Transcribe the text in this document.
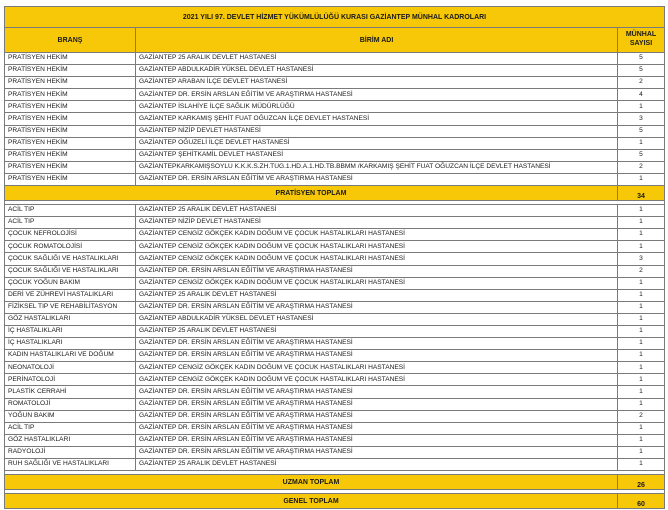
2021 YILI 97. DEVLET HİZMET YÜKÜMLÜLÜĞÜ KURASI GAZİANTEP MÜNHAL KADROLARI		
BRANŞ	BİRİM ADI	MÜNHAL SAYISI
PRATİSYEN HEKİM	GAZİANTEP 25 ARALIK DEVLET HASTANESİ	5
PRATİSYEN HEKİM	GAZİANTEP ABDULKADİR YÜKSEL DEVLET HASTANESİ	5
PRATİSYEN HEKİM	GAZİANTEP ARABAN İLÇE DEVLET HASTANESİ	2
PRATİSYEN HEKİM	GAZİANTEP DR. ERSİN ARSLAN EĞİTİM VE ARAŞTIRMA HASTANESİ	4
PRATİSYEN HEKİM	GAZİANTEP İSLAHİYE İLÇE SAĞLIK MÜDÜRLÜĞÜ	1
PRATİSYEN HEKİM	GAZİANTEP KARKAMIŞ ŞEHİT FUAT OĞUZCAN İLÇE DEVLET HASTANESİ	3
PRATİSYEN HEKİM	GAZİANTEP NİZİP DEVLET HASTANESİ	5
PRATİSYEN HEKİM	GAZİANTEP OĞUZELİ İLÇE DEVLET HASTANESİ	1
PRATİSYEN HEKİM	GAZİANTEP ŞEHİTKAMİL DEVLET HASTANESİ	5
PRATİSYEN HEKİM	GAZİANTEPKARKAMIŞSOYLU K.K.K.S.ZH.TUG.1.HD.A.1.HD.TB.BBMM /KARKAMIŞ ŞEHİT FUAT OĞUZCAN İLÇE DEVLET HASTANESİ	2
PRATİSYEN HEKİM	GAZİANTEP DR. ERSİN ARSLAN EĞİTİM VE ARAŞTIRMA HASTANESİ	1
PRATİSYEN TOPLAM		34

ACİL TIP	GAZİANTEP 25 ARALIK DEVLET HASTANESİ	1
ACİL TIP	GAZİANTEP NİZİP DEVLET HASTANESİ	1
ÇOCUK NEFROLOJİSİ	GAZİANTEP CENGİZ GÖKÇEK KADIN DOĞUM VE ÇOCUK HASTALIKLARI HASTANESİ	1
ÇOCUK ROMATOLOJİSİ	GAZİANTEP CENGİZ GÖKÇEK KADIN DOĞUM VE ÇOCUK HASTALIKLARI HASTANESİ	1
ÇOCUK SAĞLIĞI VE HASTALIKLARI	GAZİANTEP CENGİZ GÖKÇEK KADIN DOĞUM VE ÇOCUK HASTALIKLARI HASTANESİ	3
ÇOCUK SAĞLIĞI VE HASTALIKLARI	GAZİANTEP DR. ERSİN ARSLAN EĞİTİM VE ARAŞTIRMA HASTANESİ	2
ÇOCUK YOĞUN BAKIM	GAZİANTEP CENGİZ GÖKÇEK KADIN DOĞUM VE ÇOCUK HASTALIKLARI HASTANESİ	1
DERİ VE ZÜHREVİ HASTALIKLARI	GAZİANTEP 25 ARALIK DEVLET HASTANESİ	1
FİZİKSEL TIP VE REHABİLİTASYON	GAZİANTEP DR. ERSİN ARSLAN EĞİTİM VE ARAŞTIRMA HASTANESİ	1
GÖZ HASTALIKLARI	GAZİANTEP ABDULKADİR YÜKSEL DEVLET HASTANESİ	1
İÇ HASTALIKLARI	GAZİANTEP 25 ARALIK DEVLET HASTANESİ	1
İÇ HASTALIKLARI	GAZİANTEP DR. ERSİN ARSLAN EĞİTİM VE ARAŞTIRMA HASTANESİ	1
KADIN HASTALIKLARI VE DOĞUM	GAZİANTEP DR. ERSİN ARSLAN EĞİTİM VE ARAŞTIRMA HASTANESİ	1
NEONATOLOJİ	GAZİANTEP CENGİZ GÖKÇEK KADIN DOĞUM VE ÇOCUK HASTALIKLARI HASTANESİ	1
PERİNATOLOJİ	GAZİANTEP CENGİZ GÖKÇEK KADIN DOĞUM VE ÇOCUK HASTALIKLARI HASTANESİ	1
PLASTİK CERRAHİ	GAZİANTEP DR. ERSİN ARSLAN EĞİTİM VE ARAŞTIRMA HASTANESİ	1
ROMATOLOJİ	GAZİANTEP DR. ERSİN ARSLAN EĞİTİM VE ARAŞTIRMA HASTANESİ	1
YOĞUN BAKIM	GAZİANTEP DR. ERSİN ARSLAN EĞİTİM VE ARAŞTIRMA HASTANESİ	2
ACİL TIP	GAZİANTEP DR. ERSİN ARSLAN EĞİTİM VE ARAŞTIRMA HASTANESİ	1
GÖZ HASTALIKLARI	GAZİANTEP DR. ERSİN ARSLAN EĞİTİM VE ARAŞTIRMA HASTANESİ	1
RADYOLOJİ	GAZİANTEP DR. ERSİN ARSLAN EĞİTİM VE ARAŞTIRMA HASTANESİ	1
RUH SAĞLIĞI VE HASTALIKLARI	GAZİANTEP 25 ARALIK DEVLET HASTANESİ	1

UZMAN TOPLAM		26

GENEL TOPLAM		60
